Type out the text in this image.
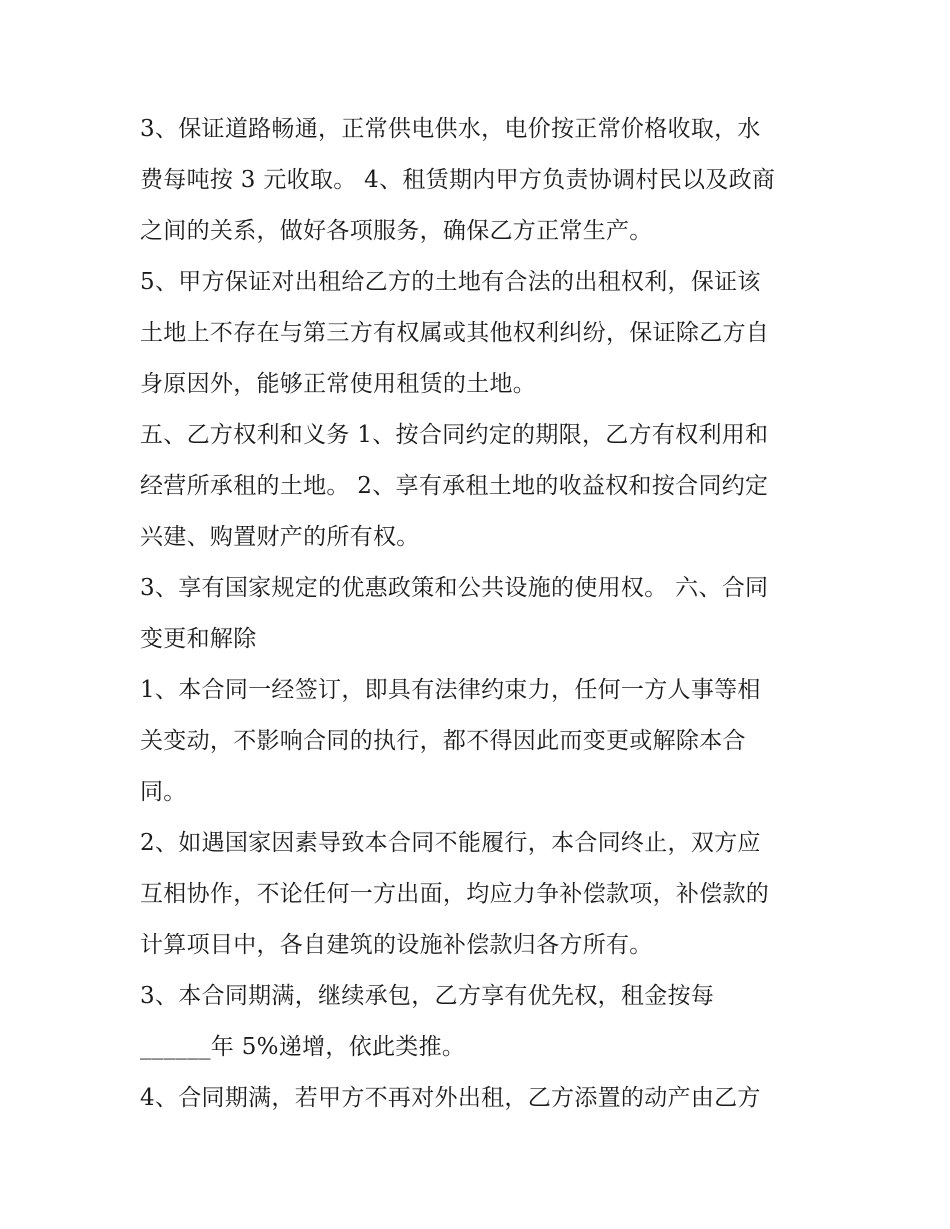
3、保证道路畅通，正常供电供水，电价按正常价格收取，水
费每吨按 3 元收取。 4、租赁期内甲方负责协调村民以及政商
之间的关系，做好各项服务，确保乙方正常生产。

5、甲方保证对出租给乙方的土地有合法的出租权利，保证该
土地上不存在与第三方有权属或其他权利纠纷，保证除乙方自
身原因外，能够正常使用租赁的土地。

五、乙方权利和义务 1、按合同约定的期限，乙方有权利用和
经营所承租的土地。 2、享有承租土地的收益权和按合同约定
兴建、购置财产的所有权。

3、享有国家规定的优惠政策和公共设施的使用权。 六、合同
变更和解除

1、本合同一经签订，即具有法律约束力，任何一方人事等相
关变动，不影响合同的执行，都不得因此而变更或解除本合
同。

2、如遇国家因素导致本合同不能履行，本合同终止，双方应
互相协作，不论任何一方出面，均应力争补偿款项，补偿款的
计算项目中，各自建筑的设施补偿款归各方所有。

3、本合同期满，继续承包，乙方享有优先权，租金按每
______年 5%递增，依此类推。

4、合同期满，若甲方不再对外出租，乙方添置的动产由乙方
